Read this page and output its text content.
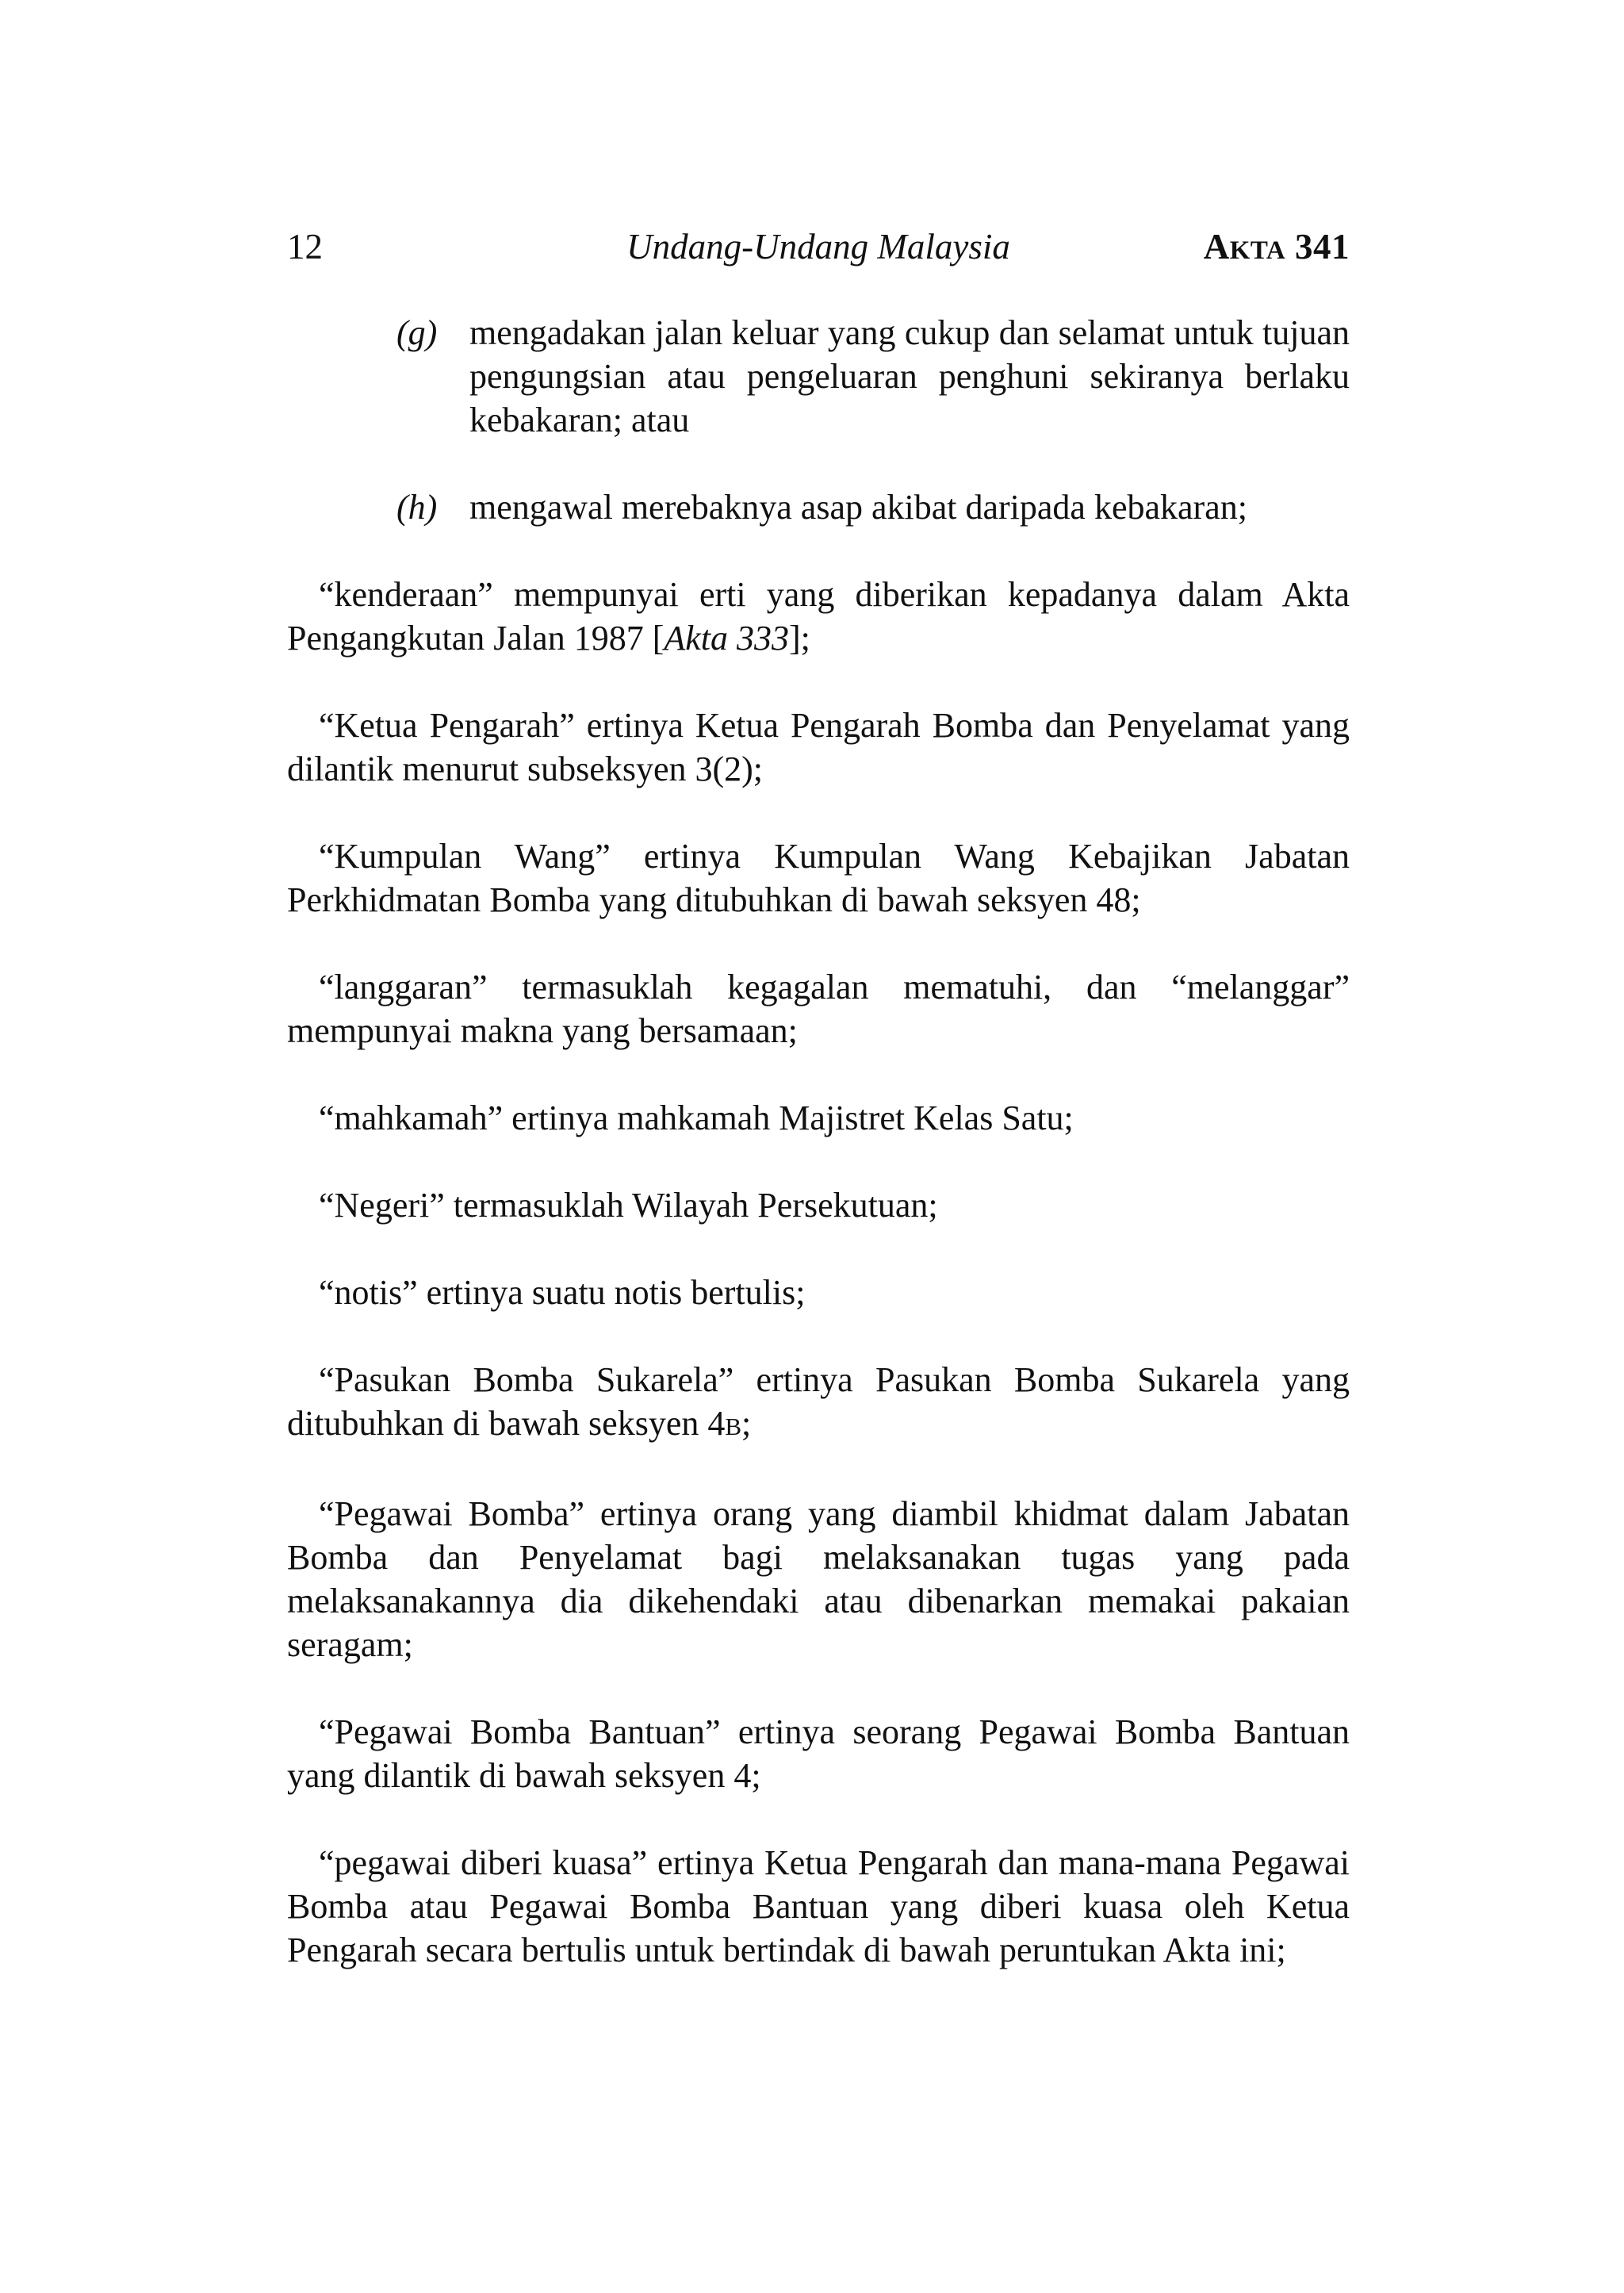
12	Undang-Undang Malaysia	AKTA 341
(g) mengadakan jalan keluar yang cukup dan selamat untuk tujuan pengungsian atau pengeluaran penghuni sekiranya berlaku kebakaran; atau
(h) mengawal merebaknya asap akibat daripada kebakaran;

“kenderaan” mempunyai erti yang diberikan kepadanya dalam Akta Pengangkutan Jalan 1987 [Akta 333];

“Ketua Pengarah” ertinya Ketua Pengarah Bomba dan Penyelamat yang dilantik menurut subseksyen 3(2);

“Kumpulan Wang” ertinya Kumpulan Wang Kebajikan Jabatan Perkhidmatan Bomba yang ditubuhkan di bawah seksyen 48;

“langgaran” termasuklah kegagalan mematuhi, dan “melanggar” mempunyai makna yang bersamaan;

“mahkamah” ertinya mahkamah Majistret Kelas Satu;

“Negeri” termasuklah Wilayah Persekutuan;

“notis” ertinya suatu notis bertulis;

“Pasukan Bomba Sukarela” ertinya Pasukan Bomba Sukarela yang ditubuhkan di bawah seksyen 4B;

“Pegawai Bomba” ertinya orang yang diambil khidmat dalam Jabatan Bomba dan Penyelamat bagi melaksanakan tugas yang pada melaksanakannya dia dikehendaki atau dibenarkan memakai pakaian seragam;

“Pegawai Bomba Bantuan” ertinya seorang Pegawai Bomba Bantuan yang dilantik di bawah seksyen 4;

“pegawai diberi kuasa” ertinya Ketua Pengarah dan mana-mana Pegawai Bomba atau Pegawai Bomba Bantuan yang diberi kuasa oleh Ketua Pengarah secara bertulis untuk bertindak di bawah peruntukan Akta ini;
